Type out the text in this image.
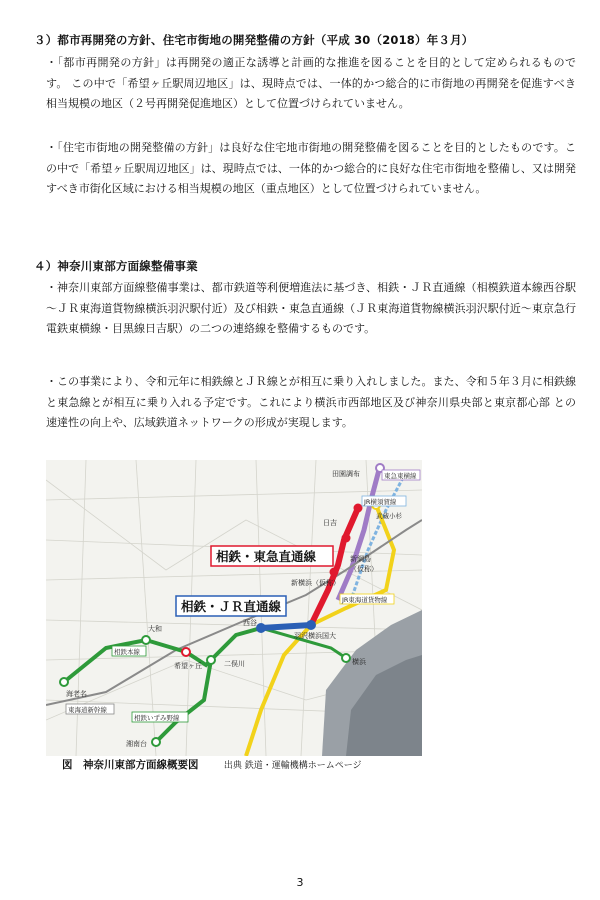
３）都市再開発の方針、住宅市街地の開発整備の方針（平成 30（2018）年３月）
・「都市再開発の方針」は再開発の適正な誘導と計画的な推進を図ることを目的として定められるものです。 この中で「希望ヶ丘駅周辺地区」は、現時点では、一体的かつ総合的に市街地の再開発を促進すべき相当規模の地区（２号再開発促進地区）として位置づけられていません。
・「住宅市街地の開発整備の方針」は良好な住宅地市街地の開発整備を図ることを目的としたものです。この中で「希望ヶ丘駅周辺地区」は、現時点では、一体的かつ総合的に良好な住宅市街地を整備し、又は開発すべき市街化区域における相当規模の地区（重点地区）として位置づけられていません。
４）神奈川東部方面線整備事業
・神奈川東部方面線整備事業は、都市鉄道等利便増進法に基づき、相鉄・ＪＲ直通線（相模鉄道本線西谷駅～ＪＲ東海道貨物線横浜羽沢駅付近）及び相鉄・東急直通線（ＪＲ東海道貨物線横浜羽沢駅付近～東京急行電鉄東横線・目黒線日吉駅）の二つの連絡線を整備するものです。
・この事業により、令和元年に相鉄線とＪＲ線とが相互に乗り入れしました。また、令和５年３月に相鉄線と東急線とが相互に乗り入れる予定です。これにより横浜市西部地区及び神奈川県央部と東京都心部 との速達性の向上や、広域鉄道ネットワークの形成が実現します。
田園調布	東急東横線
JR横須賀線
武蔵小杉
日吉
新綱島
（仮称）
新横浜（仮称）
JR東海道貨物線
相鉄・東急直通線
相鉄・ＪＲ直通線
西谷
羽沢横浜国大
大和
相鉄本線
希望ヶ丘	二俣川	横浜
海老名
東海道新幹線
相鉄いずみ野線
湘南台
図　神奈川東部方面線概要図	出典 鉄道・運輸機構ホームページ
3
